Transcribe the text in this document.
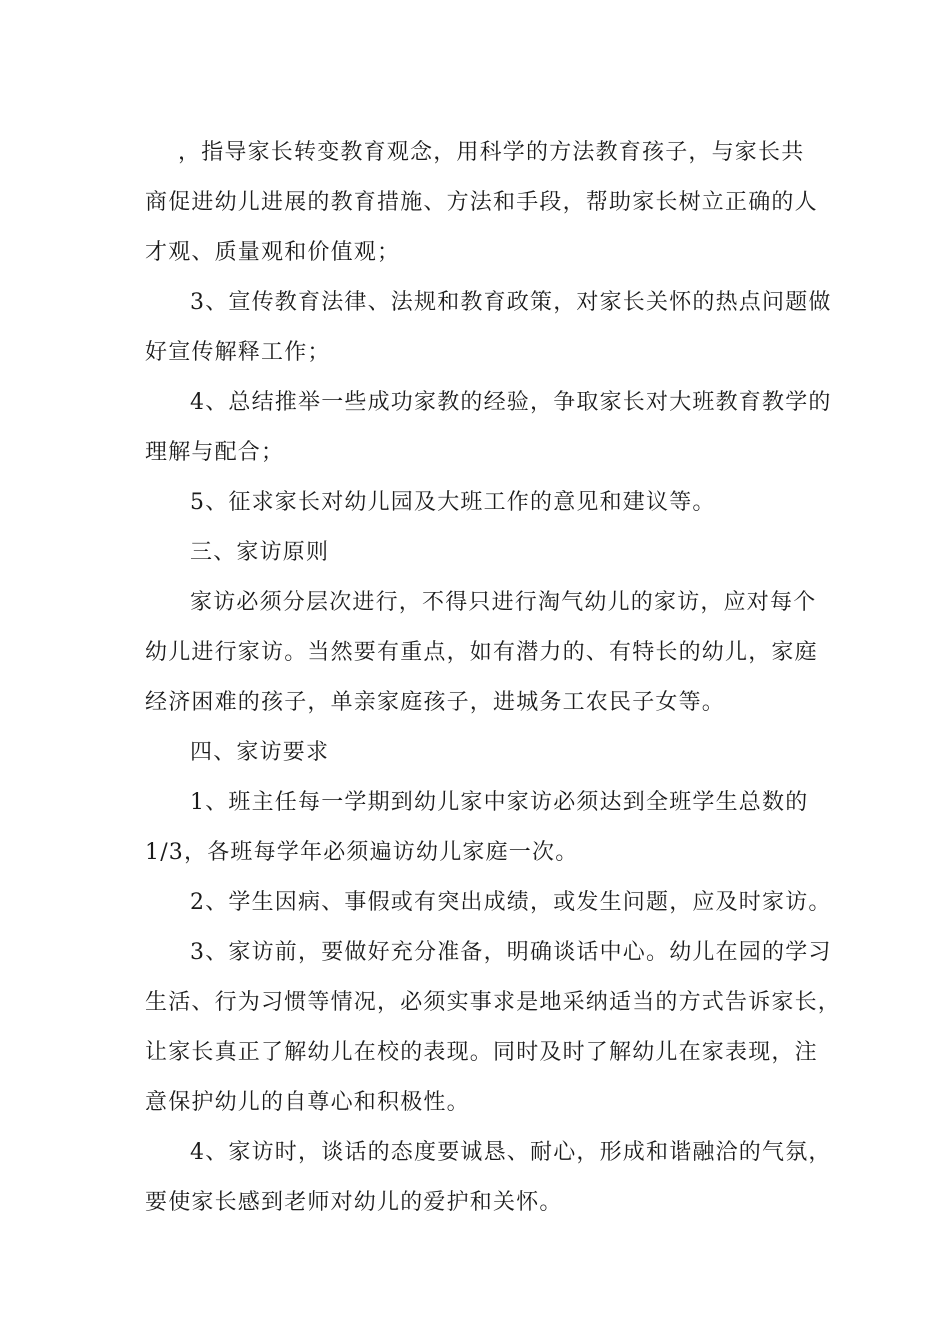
，指导家长转变教育观念，用科学的方法教育孩子，与家长共
商促进幼儿进展的教育措施、方法和手段，帮助家长树立正确的人
才观、质量观和价值观；
3、宣传教育法律、法规和教育政策，对家长关怀的热点问题做
好宣传解释工作；
4、总结推举一些成功家教的经验，争取家长对大班教育教学的
理解与配合；
5、征求家长对幼儿园及大班工作的意见和建议等。
三、家访原则
家访必须分层次进行，不得只进行淘气幼儿的家访，应对每个
幼儿进行家访。当然要有重点，如有潜力的、有特长的幼儿，家庭
经济困难的孩子，单亲家庭孩子，进城务工农民子女等。
四、家访要求
1、班主任每一学期到幼儿家中家访必须达到全班学生总数的
1/3，各班每学年必须遍访幼儿家庭一次。
2、学生因病、事假或有突出成绩，或发生问题，应及时家访。
3、家访前，要做好充分准备，明确谈话中心。幼儿在园的学习
生活、行为习惯等情况，必须实事求是地采纳适当的方式告诉家长，
让家长真正了解幼儿在校的表现。同时及时了解幼儿在家表现，注
意保护幼儿的自尊心和积极性。
4、家访时，谈话的态度要诚恳、耐心，形成和谐融洽的气氛，
要使家长感到老师对幼儿的爱护和关怀。
